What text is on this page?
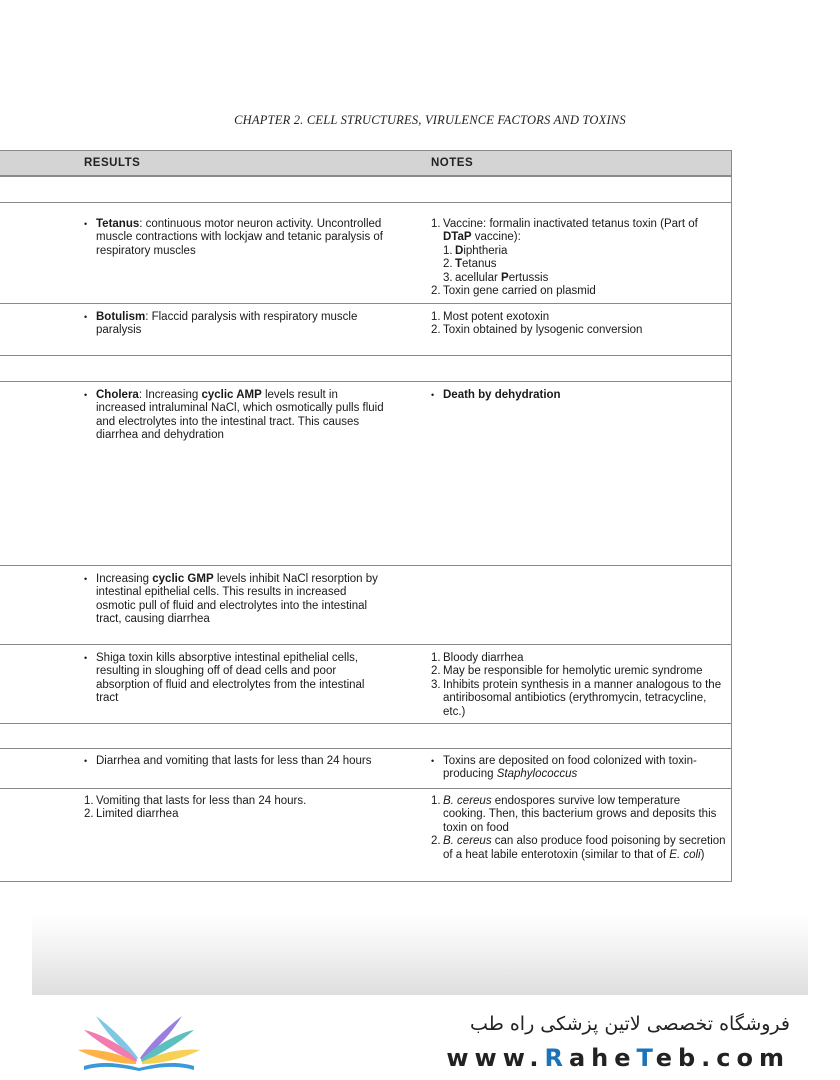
CHAPTER 2. CELL STRUCTURES, VIRULENCE FACTORS AND TOXINS
RESULTS	NOTES
• Tetanus: continuous motor neuron activity. Uncontrolled muscle contractions with lockjaw and tetanic paralysis of respiratory muscles
1. Vaccine: formalin inactivated tetanus toxin (Part of DTaP vaccine):
1. Diphtheria
2. Tetanus
3. acellular Pertussis
2. Toxin gene carried on plasmid
• Botulism: Flaccid paralysis with respiratory muscle paralysis
1. Most potent exotoxin
2. Toxin obtained by lysogenic conversion
• Cholera: Increasing cyclic AMP levels result in increased intraluminal NaCl, which osmotically pulls fluid and electrolytes into the intestinal tract. This causes diarrhea and dehydration
• Death by dehydration
• Increasing cyclic GMP levels inhibit NaCl resorption by intestinal epithelial cells. This results in increased osmotic pull of fluid and electrolytes into the intestinal tract, causing diarrhea
• Shiga toxin kills absorptive intestinal epithelial cells, resulting in sloughing off of dead cells and poor absorption of fluid and electrolytes from the intestinal tract
1. Bloody diarrhea
2. May be responsible for hemolytic uremic syndrome
3. Inhibits protein synthesis in a manner analogous to the antiribosomal antibiotics (erythromycin, tetracycline, etc.)
• Diarrhea and vomiting that lasts for less than 24 hours	• Toxins are deposited on food colonized with toxin-producing Staphylococcus
1. Vomiting that lasts for less than 24 hours.
2. Limited diarrhea
1. B. cereus endospores survive low temperature cooking. Then, this bacterium grows and deposits this toxin on food
2. B. cereus can also produce food poisoning by secretion of a heat labile enterotoxin (similar to that of E. coli)
فروشگاه تخصصی لاتین پزشکی راه طب
www.RaheTeb.com
